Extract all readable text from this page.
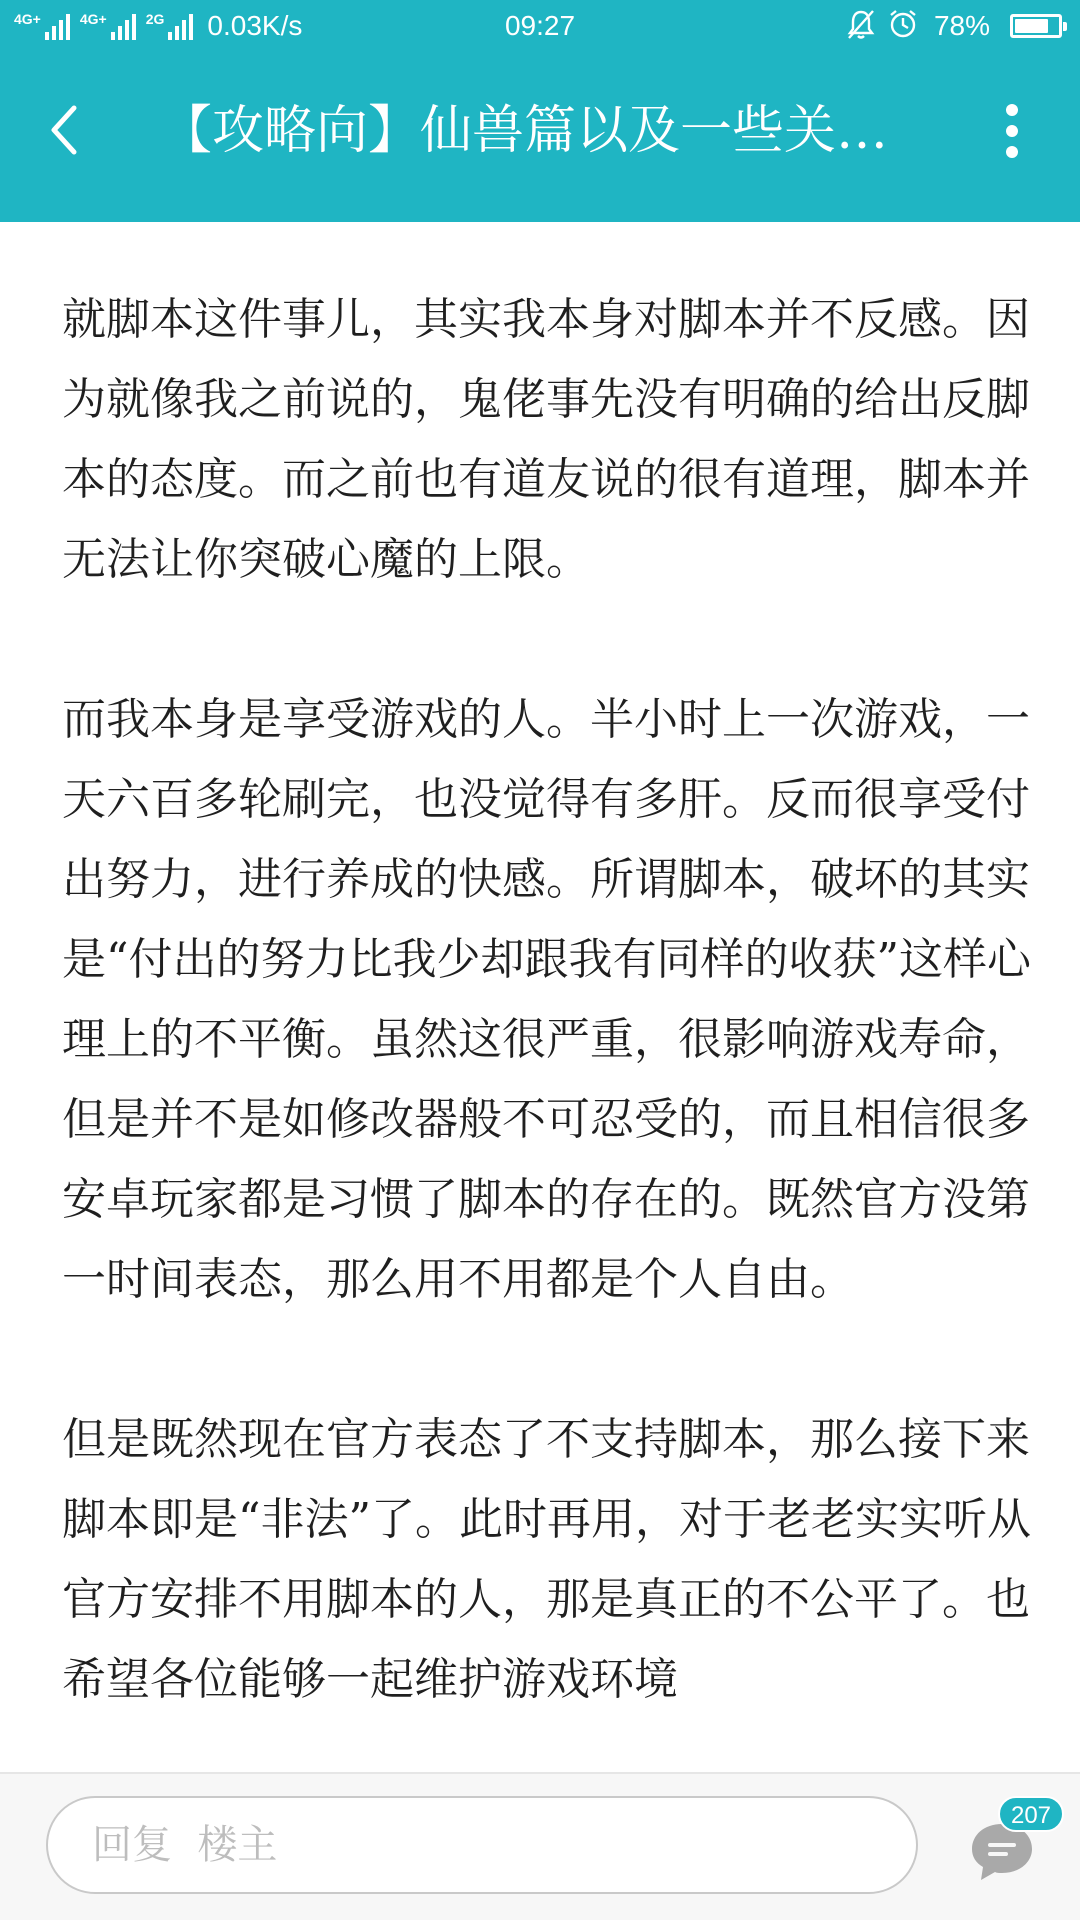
4G+	4G+	2G 0.03K/s	09:27	78%
【攻略向】仙兽篇以及一些关…

就脚本这件事儿，其实我本身对脚本并不反感。因为就像我之前说的，鬼佬事先没有明确的给出反脚本的态度。而之前也有道友说的很有道理，脚本并无法让你突破心魔的上限。

而我本身是享受游戏的人。半小时上一次游戏，一天六百多轮刷完，也没觉得有多肝。反而很享受付出努力，进行养成的快感。所谓脚本，破坏的其实是“付出的努力比我少却跟我有同样的收获”这样心理上的不平衡。虽然这很严重，很影响游戏寿命，但是并不是如修改器般不可忍受的，而且相信很多安卓玩家都是习惯了脚本的存在的。既然官方没第一时间表态，那么用不用都是个人自由。

但是既然现在官方表态了不支持脚本，那么接下来脚本即是“非法”了。此时再用，对于老老实实听从官方安排不用脚本的人，那是真正的不公平了。也希望各位能够一起维护游戏环境

回复 楼主
207
